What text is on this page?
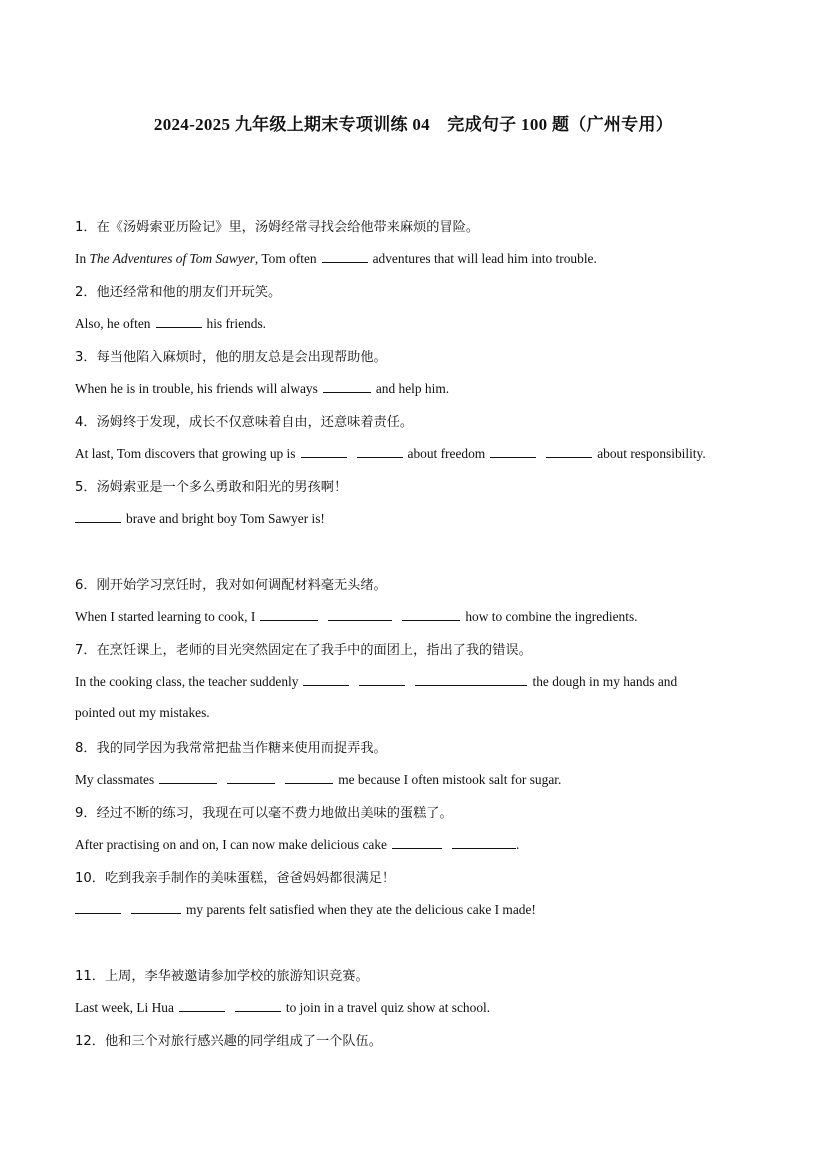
2024-2025 九年级上期末专项训练 04　完成句子 100 题（广州专用）
1．在《汤姆索亚历险记》里，汤姆经常寻找会给他带来麻烦的冒险。
In The Adventures of Tom Sawyer, Tom often	adventures that will lead him into trouble.
2．他还经常和他的朋友们开玩笑。
Also, he often	his friends.
3．每当他陷入麻烦时，他的朋友总是会出现帮助他。
When he is in trouble, his friends will always	and help him.
4．汤姆终于发现，成长不仅意味着自由，还意味着责任。
At last, Tom discovers that growing up is	about freedom	about responsibility.
5．汤姆索亚是一个多么勇敢和阳光的男孩啊！
brave and bright boy Tom Sawyer is!
6．刚开始学习烹饪时，我对如何调配材料毫无头绪。
When I started learning to cook, I	how to combine the ingredients.
7．在烹饪课上，老师的目光突然固定在了我手中的面团上，指出了我的错误。
In the cooking class, the teacher suddenly	the dough in my hands and
pointed out my mistakes.
8．我的同学因为我常常把盐当作糖来使用而捉弄我。
My classmates	me because I often mistook salt for sugar.
9．经过不断的练习，我现在可以毫不费力地做出美味的蛋糕了。
After practising on and on, I can now make delicious cake	.
10．吃到我亲手制作的美味蛋糕，爸爸妈妈都很满足！
my parents felt satisfied when they ate the delicious cake I made!
11．上周，李华被邀请参加学校的旅游知识竞赛。
Last week, Li Hua	to join in a travel quiz show at school.
12．他和三个对旅行感兴趣的同学组成了一个队伍。
